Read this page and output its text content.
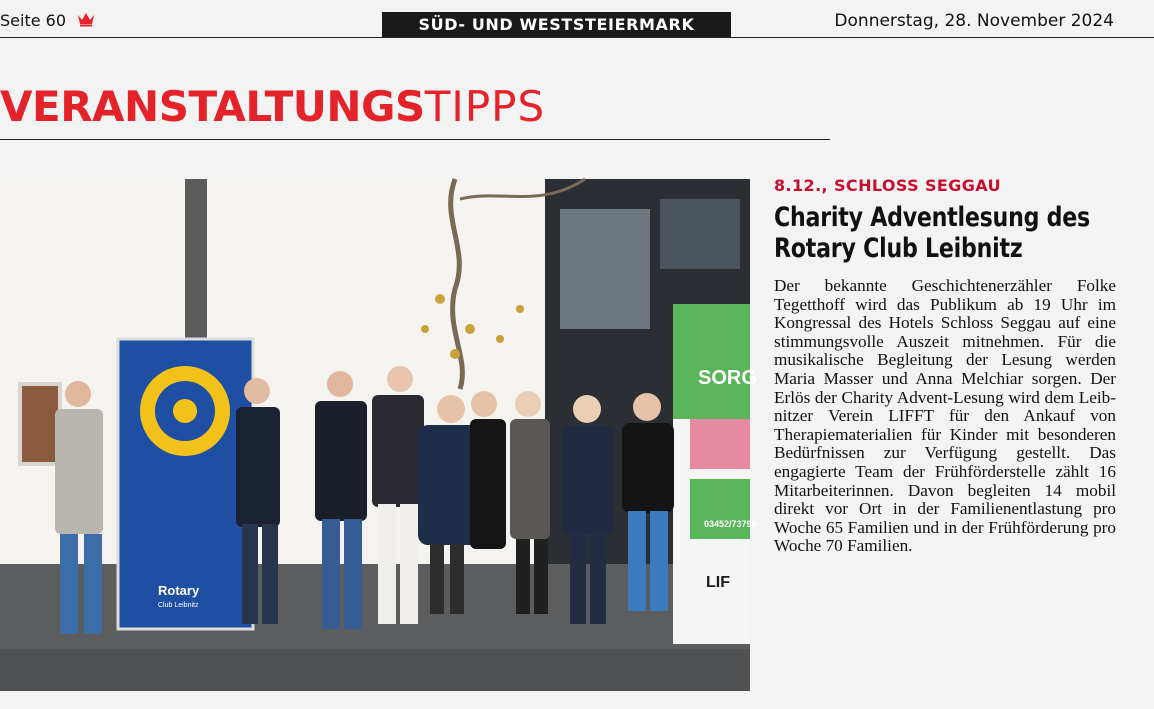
Seite 60	SÜD- UND WESTSTEIERMARK	Donnerstag, 28. November 2024
VERANSTALTUNGSTIPPS
Rotary
Club Leibnitz
SORG
03452/73790
LIF
8.12., SCHLOSS SEGGAU
Charity Adventlesung des Rotary Club Leibnitz
Der bekannte Geschichtenerzähler Folke Tegetthoff wird das Publikum ab 19 Uhr im Kongressal des Hotels Schloss Seggau auf eine stimmungsvolle Auszeit mitnehmen. Für die musikalische Begleitung der Lesung werden Maria Masser und Anna Melchiar sorgen. Der Erlös der Charity Advent-Lesung wird dem Leibnitzer Verein LIFFT für den Ankauf von Therapiematerialien für Kinder mit besonderen Bedürfnissen zur Verfügung gestellt. Das engagierte Team der Frühförderstelle zählt 16 Mitarbeiterinnen. Davon begleiten 14 mobil direkt vor Ort in der Familienentlastung pro Woche 65 Familien und in der Frühförderung pro Woche 70 Familien.
